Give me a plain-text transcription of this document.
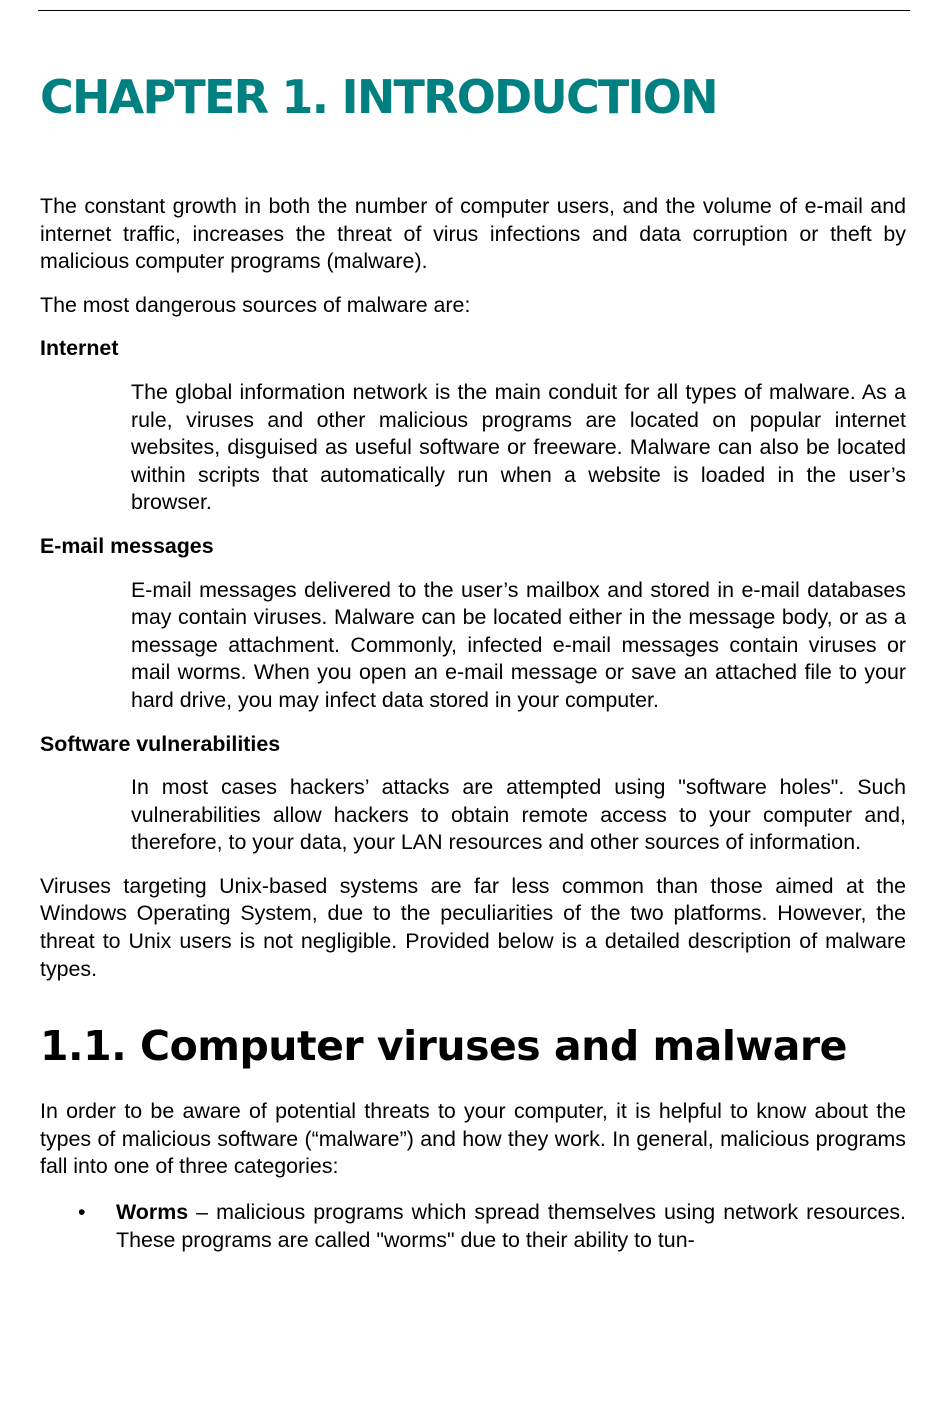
CHAPTER 1. INTRODUCTION

The constant growth in both the number of computer users, and the volume of e-mail and internet traffic, increases the threat of virus infections and data corruption or theft by malicious computer programs (malware).

The most dangerous sources of malware are:

Internet

The global information network is the main conduit for all types of malware. As a rule, viruses and other malicious programs are located on popular internet websites, disguised as useful software or freeware. Malware can also be located within scripts that automatically run when a website is loaded in the user’s browser.

E-mail messages

E-mail messages delivered to the user’s mailbox and stored in e-mail databases may contain viruses. Malware can be located either in the message body, or as a message attachment. Commonly, infected e-mail messages contain viruses or mail worms. When you open an e-mail message or save an attached file to your hard drive, you may infect data stored in your computer.

Software vulnerabilities

In most cases hackers’ attacks are attempted using "software holes". Such vulnerabilities allow hackers to obtain remote access to your computer and, therefore, to your data, your LAN resources and other sources of information.

Viruses targeting Unix-based systems are far less common than those aimed at the Windows Operating System, due to the peculiarities of the two platforms. However, the threat to Unix users is not negligible. Provided below is a detailed description of malware types.

1.1. Computer viruses and malware

In order to be aware of potential threats to your computer, it is helpful to know about the types of malicious software (“malware”) and how they work. In general, malicious programs fall into one of three categories:

• Worms – malicious programs which spread themselves using network resources. These programs are called "worms" due to their ability to tun-
